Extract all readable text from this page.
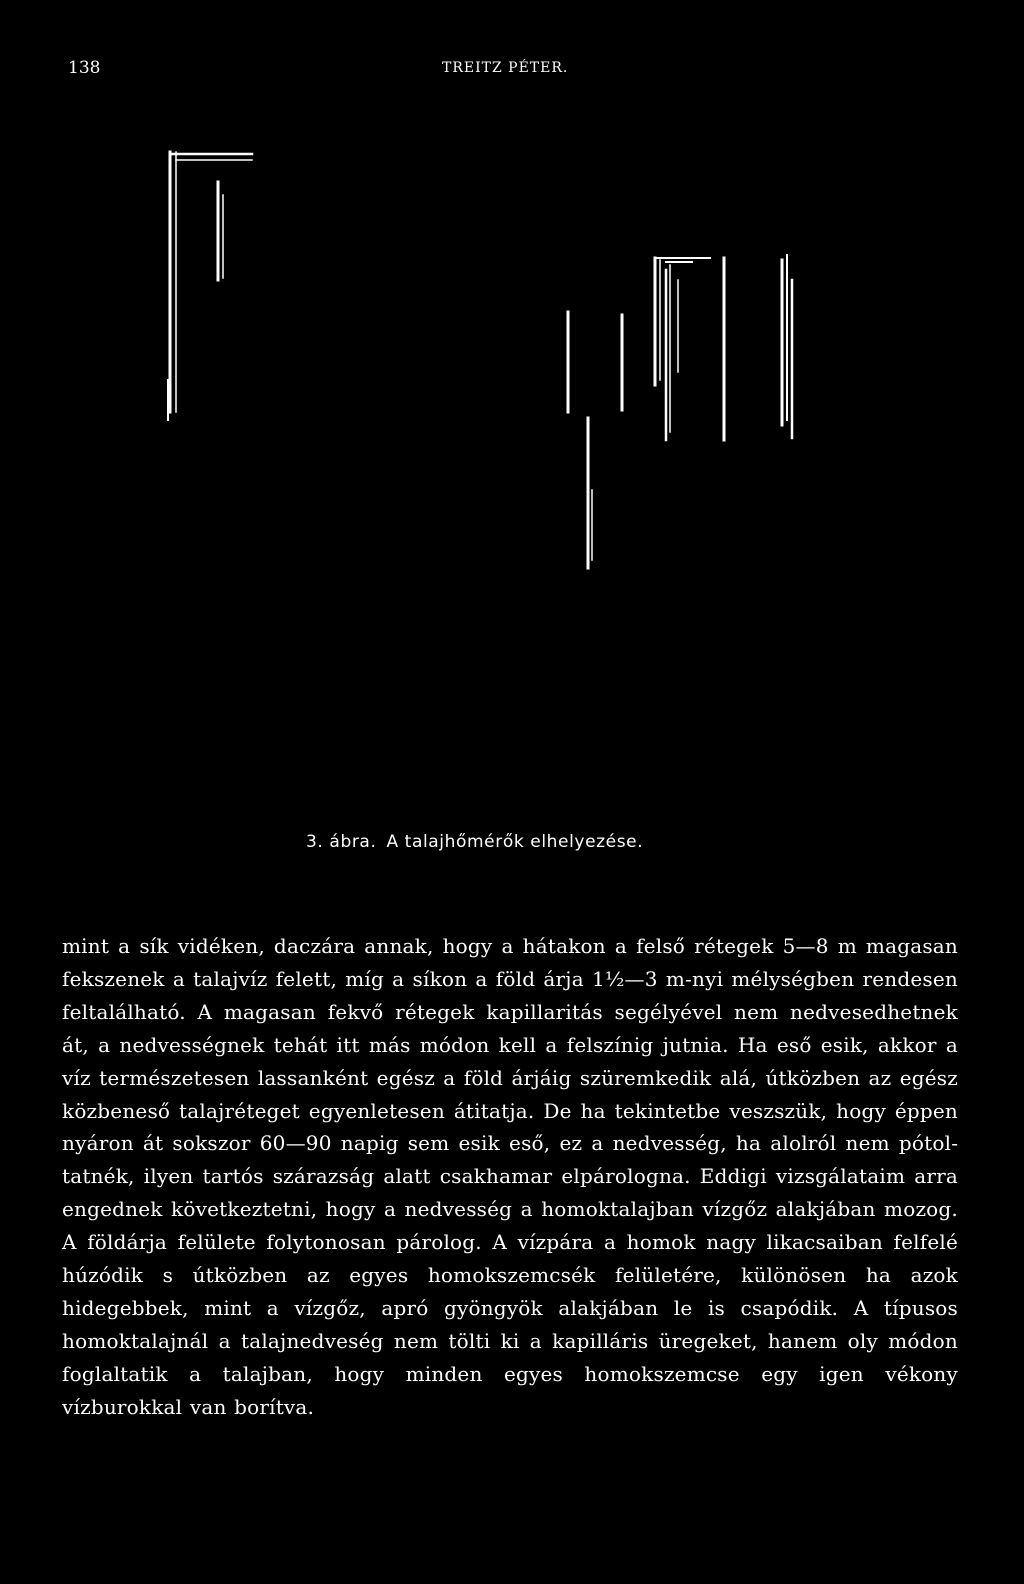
138	TREITZ PÉTER.
3. ábra. A talajhőmérők elhelyezése.

mint a sík vidéken, daczára annak, hogy a hátakon a felső rétegek 5—8 m magasan fekszenek a talajvíz felett, míg a síkon a föld árja 1½—3 m-nyi mélységben rendesen feltalálható. A magasan fekvő rétegek kapillaritás segélyével nem nedvesedhetnek át, a nedvességnek tehát itt más módon kell a felszínig jutnia. Ha eső esik, akkor a víz természetesen lassanként egész a föld árjáig szüremkedik alá, útközben az egész közbeneső talajréteget egyenletesen átitatja. De ha tekintetbe veszszük, hogy éppen nyáron át sokszor 60—90 napig sem esik eső, ez a nedvesség, ha alolról nem pótoltatnék, ilyen tartós szárazság alatt csakhamar elpárologna. Eddigi vizsgálataim arra engednek következtetni, hogy a nedvesség a homoktalajban vízgőz alakjában mozog. A földárja felülete folytonosan párolog. A vízpára a homok nagy likacsaiban felfelé húzódik s útközben az egyes homokszemcsék felületére, különösen ha azok hidegebbek, mint a vízgőz, apró gyöngyök alakjában le is csapódik. A típusos homoktalajnál a talajnedveség nem tölti ki a kapilláris üregeket, hanem oly módon foglaltatik a talajban, hogy minden egyes homokszemcse egy igen vékony vízburokkal van borítva.
